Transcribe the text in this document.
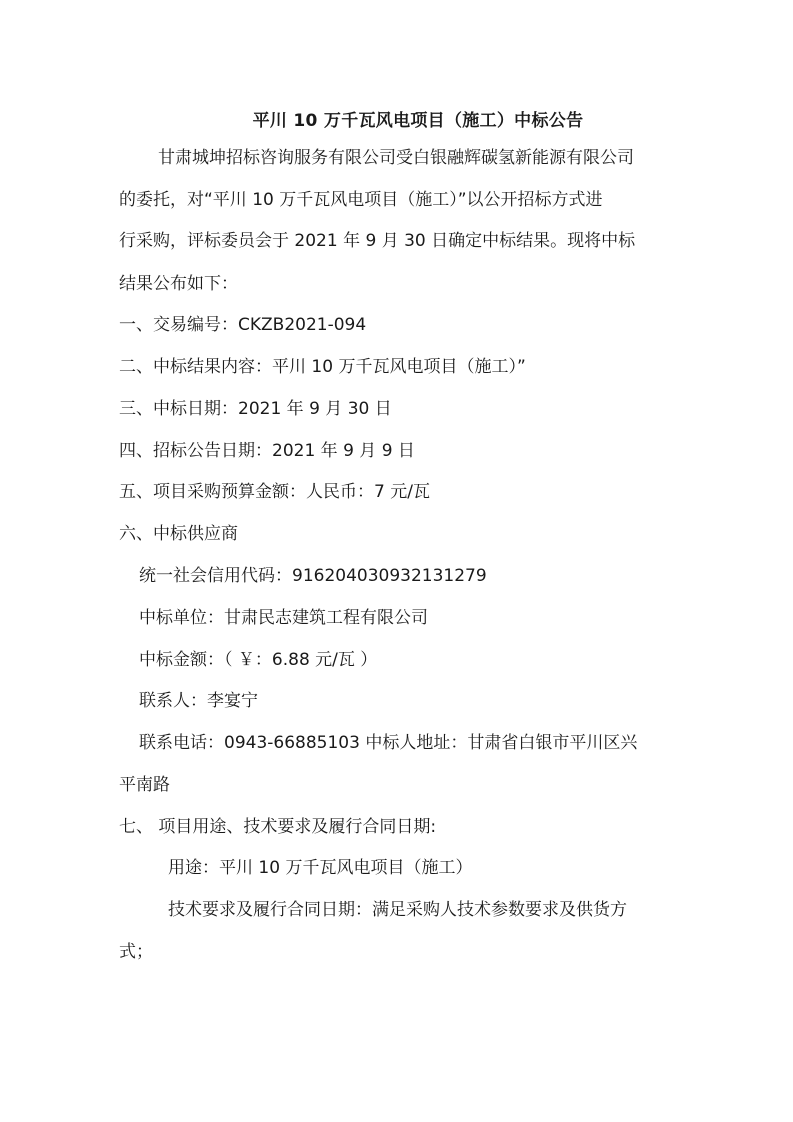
平川 10 万千瓦风电项目（施工）中标公告
甘肃城坤招标咨询服务有限公司受白银融辉碳氢新能源有限公司
的委托，对“平川 10 万千瓦风电项目（施工）”以公开招标方式进
行采购，评标委员会于 2021 年 9 月 30 日确定中标结果。现将中标
结果公布如下：
一、交易编号：CKZB2021-094
二、中标结果内容：平川 10 万千瓦风电项目（施工）”
三、中标日期：2021 年 9 月 30 日
四、招标公告日期：2021 年 9 月 9 日
五、项目采购预算金额：人民币：7 元/瓦
六、中标供应商
统一社会信用代码：916204030932131279
中标单位：甘肃民志建筑工程有限公司
中标金额：（ ￥：6.88 元/瓦 ）
联系人：李宴宁
联系电话：0943-66885103 中标人地址：甘肃省白银市平川区兴
平南路
七、 项目用途、技术要求及履行合同日期:
用途：平川 10 万千瓦风电项目（施工）
技术要求及履行合同日期：满足采购人技术参数要求及供货方
式；
